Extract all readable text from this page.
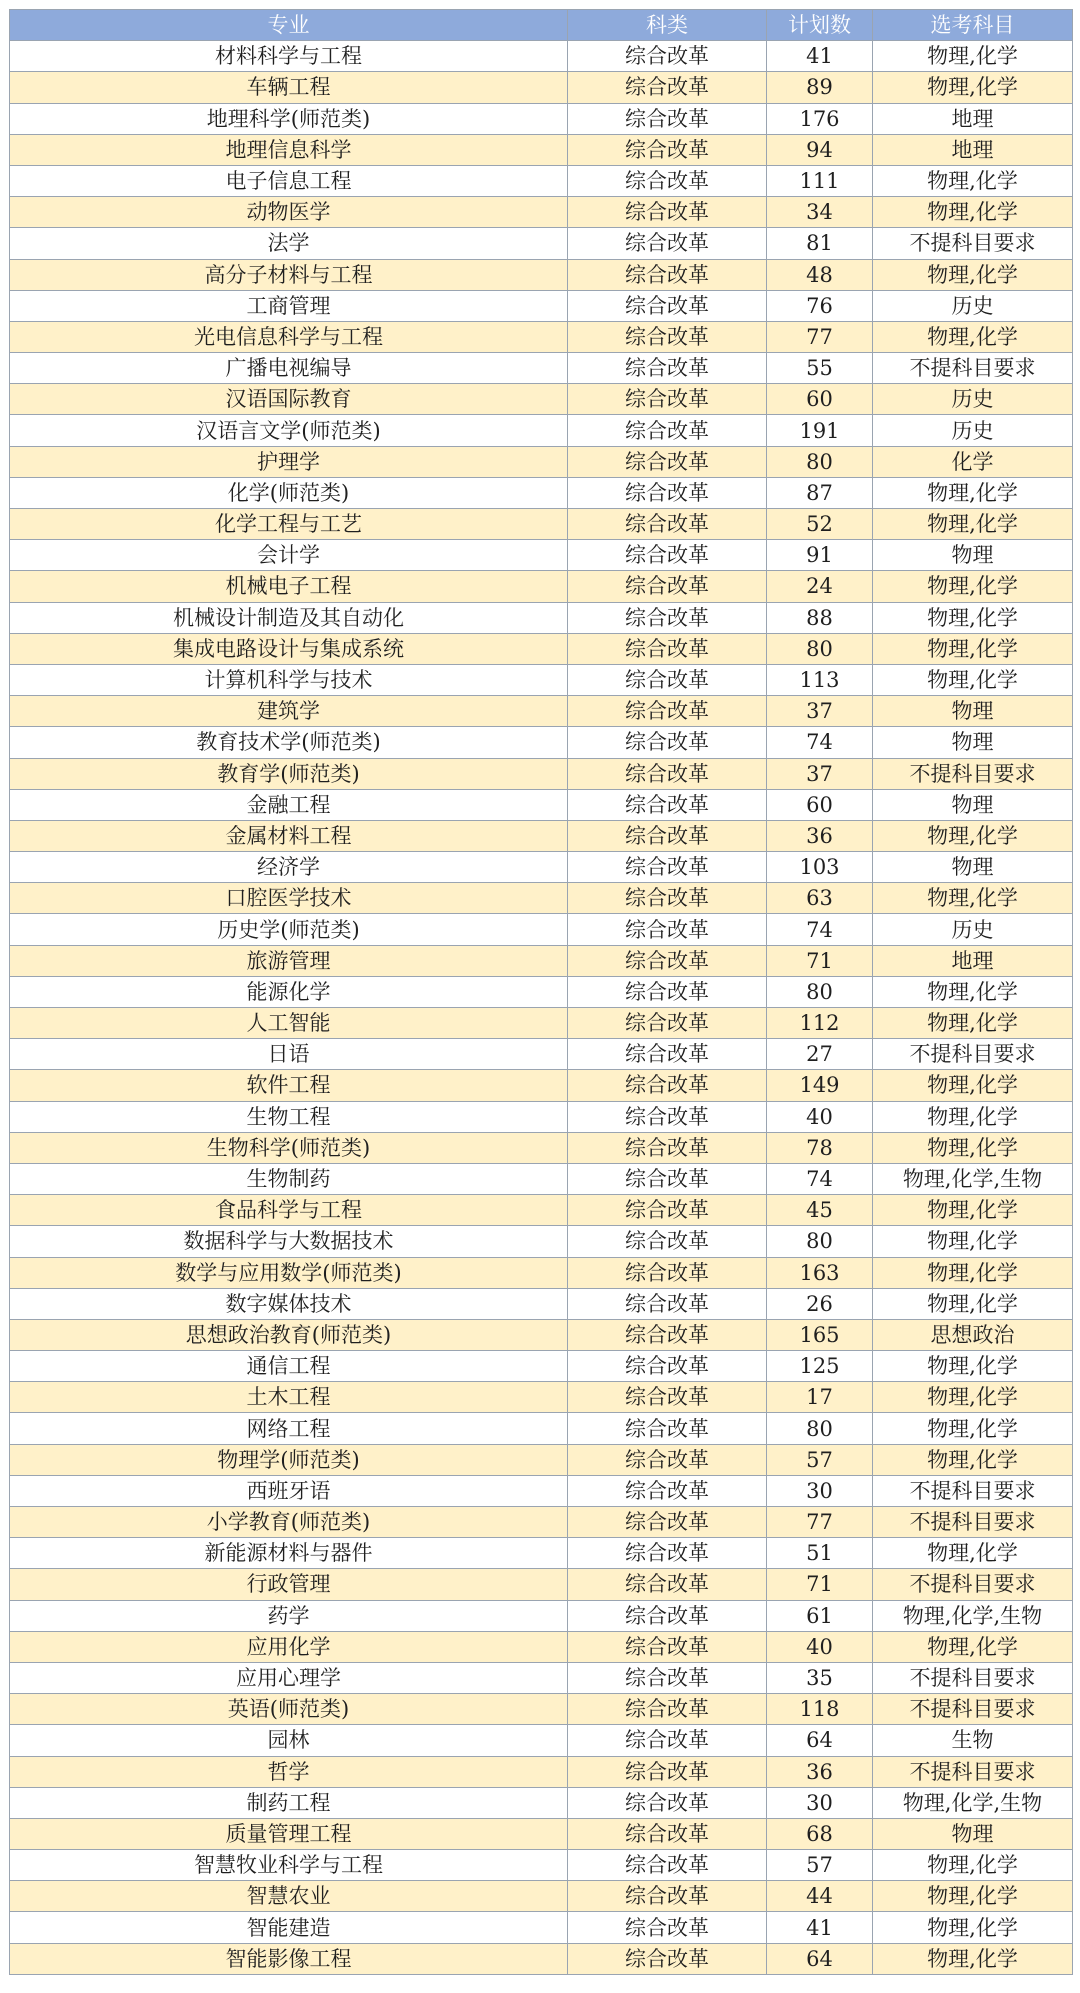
专业	科类	计划数	选考科目
材料科学与工程	综合改革	41	物理,化学
车辆工程	综合改革	89	物理,化学
地理科学(师范类)	综合改革	176	地理
地理信息科学	综合改革	94	地理
电子信息工程	综合改革	111	物理,化学
动物医学	综合改革	34	物理,化学
法学	综合改革	81	不提科目要求
高分子材料与工程	综合改革	48	物理,化学
工商管理	综合改革	76	历史
光电信息科学与工程	综合改革	77	物理,化学
广播电视编导	综合改革	55	不提科目要求
汉语国际教育	综合改革	60	历史
汉语言文学(师范类)	综合改革	191	历史
护理学	综合改革	80	化学
化学(师范类)	综合改革	87	物理,化学
化学工程与工艺	综合改革	52	物理,化学
会计学	综合改革	91	物理
机械电子工程	综合改革	24	物理,化学
机械设计制造及其自动化	综合改革	88	物理,化学
集成电路设计与集成系统	综合改革	80	物理,化学
计算机科学与技术	综合改革	113	物理,化学
建筑学	综合改革	37	物理
教育技术学(师范类)	综合改革	74	物理
教育学(师范类)	综合改革	37	不提科目要求
金融工程	综合改革	60	物理
金属材料工程	综合改革	36	物理,化学
经济学	综合改革	103	物理
口腔医学技术	综合改革	63	物理,化学
历史学(师范类)	综合改革	74	历史
旅游管理	综合改革	71	地理
能源化学	综合改革	80	物理,化学
人工智能	综合改革	112	物理,化学
日语	综合改革	27	不提科目要求
软件工程	综合改革	149	物理,化学
生物工程	综合改革	40	物理,化学
生物科学(师范类)	综合改革	78	物理,化学
生物制药	综合改革	74	物理,化学,生物
食品科学与工程	综合改革	45	物理,化学
数据科学与大数据技术	综合改革	80	物理,化学
数学与应用数学(师范类)	综合改革	163	物理,化学
数字媒体技术	综合改革	26	物理,化学
思想政治教育(师范类)	综合改革	165	思想政治
通信工程	综合改革	125	物理,化学
土木工程	综合改革	17	物理,化学
网络工程	综合改革	80	物理,化学
物理学(师范类)	综合改革	57	物理,化学
西班牙语	综合改革	30	不提科目要求
小学教育(师范类)	综合改革	77	不提科目要求
新能源材料与器件	综合改革	51	物理,化学
行政管理	综合改革	71	不提科目要求
药学	综合改革	61	物理,化学,生物
应用化学	综合改革	40	物理,化学
应用心理学	综合改革	35	不提科目要求
英语(师范类)	综合改革	118	不提科目要求
园林	综合改革	64	生物
哲学	综合改革	36	不提科目要求
制药工程	综合改革	30	物理,化学,生物
质量管理工程	综合改革	68	物理
智慧牧业科学与工程	综合改革	57	物理,化学
智慧农业	综合改革	44	物理,化学
智能建造	综合改革	41	物理,化学
智能影像工程	综合改革	64	物理,化学
